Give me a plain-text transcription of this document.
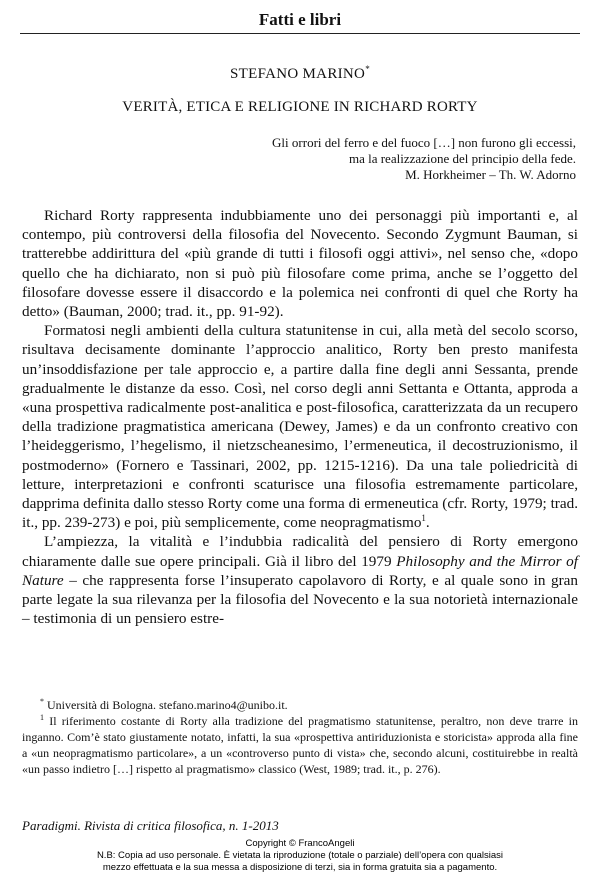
Fatti e libri
STEFANO MARINO*
VERITÀ, ETICA E RELIGIONE IN RICHARD RORTY
Gli orrori del ferro e del fuoco […] non furono gli eccessi,
ma la realizzazione del principio della fede.
M. Horkheimer – Th. W. Adorno

Richard Rorty rappresenta indubbiamente uno dei personaggi più importanti e, al contempo, più controversi della filosofia del Novecento. Secondo Zygmunt Bauman, si tratterebbe addirittura del «più grande di tutti i filosofi oggi attivi», nel senso che, «dopo quello che ha dichiarato, non si può più filosofare come prima, anche se l’oggetto del filosofare dovesse essere il disaccordo e la polemica nei confronti di quel che Rorty ha detto» (Bauman, 2000; trad. it., pp. 91-92).

Formatosi negli ambienti della cultura statunitense in cui, alla metà del secolo scorso, risultava decisamente dominante l’approccio analitico, Rorty ben presto manifesta un’insoddisfazione per tale approccio e, a partire dalla fine degli anni Sessanta, prende gradualmente le distanze da esso. Così, nel corso degli anni Settanta e Ottanta, approda a «una prospettiva radicalmente post-analitica e post-filosofica, caratterizzata da un recupero della tradizione pragmatistica americana (Dewey, James) e da un confronto creativo con l’heideggerismo, l’hegelismo, il nietzscheanesimo, l’ermeneutica, il decostruzionismo, il postmoderno» (Fornero e Tassinari, 2002, pp. 1215-1216). Da una tale poliedricità di letture, interpretazioni e confronti scaturisce una filosofia estremamente particolare, dapprima definita dallo stesso Rorty come una forma di ermeneutica (cfr. Rorty, 1979; trad. it., pp. 239-273) e poi, più semplicemente, come neopragmatismo$^1$.

L’ampiezza, la vitalità e l’indubbia radicalità del pensiero di Rorty emergono chiaramente dalle sue opere principali. Già il libro del 1979 Philosophy and the Mirror of Nature – che rappresenta forse l’insuperato capolavoro di Rorty, e al quale sono in gran parte legate la sua rilevanza per la filosofia del Novecento e la sua notorietà internazionale – testimonia di un pensiero estre-

* Università di Bologna. stefano.marino4@unibo.it.

$^1$ Il riferimento costante di Rorty alla tradizione del pragmatismo statunitense, peraltro, non deve trarre in inganno. Com’è stato giustamente notato, infatti, la sua «prospettiva antiriduzionista e storicista» approda alla fine a «un neopragmatismo particolare», a un «controverso punto di vista» che, secondo alcuni, costituirebbe in realtà «un passo indietro […] rispetto al pragmatismo» classico (West, 1989; trad. it., p. 276).

Paradigmi. Rivista di critica filosofica, n. 1-2013
Copyright © FrancoAngeli
N.B: Copia ad uso personale. È vietata la riproduzione (totale o parziale) dell’opera con qualsiasi
mezzo effettuata e la sua messa a disposizione di terzi, sia in forma gratuita sia a pagamento.
